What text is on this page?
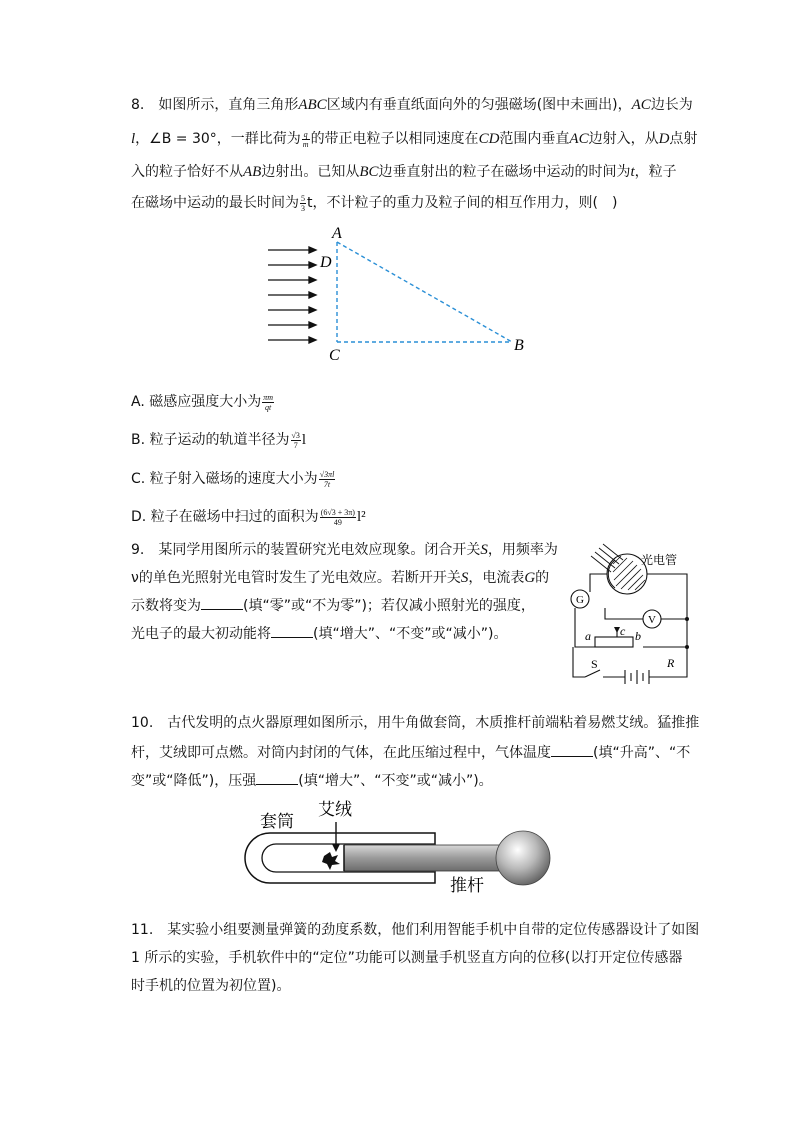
8.　如图所示，直角三角形ABC区域内有垂直纸面向外的匀强磁场(图中未画出)，AC边长为
l，∠B = 30°，一群比荷为 $\frac{q}{m}$ 的带正电粒子以相同速度在CD范围内垂直AC边射入，从D点射
入的粒子恰好不从AB边射出。已知从BC边垂直射出的粒子在磁场中运动的时间为t，粒子
在磁场中运动的最长时间为 $\frac{5}{3}$ t，不计粒子的重力及粒子间的相互作用力，则(　)
A
D
C
B
A. 磁感应强度大小为 $\frac{\pi m}{qt}$
B. 粒子运动的轨道半径为 $\frac{√3}{7}$ l
C. 粒子射入磁场的速度大小为 $\frac{√3\pi l}{7t}$
D. 粒子在磁场中扫过的面积为 $\frac{(6√3 + 3\pi)}{49} l^2$
9.　某同学用图所示的装置研究光电效应现象。闭合开关S，用频率为
ν的单色光照射光电管时发生了光电效应。若断开开关S，电流表G的
示数将变为	(填“零”或“不为零”)；若仅减小照射光的强度，
光电子的最大初动能将	(填“增大”、“不变”或“减小”)。
光电管
G
V
a c b
S	R
10.　古代发明的点火器原理如图所示，用牛角做套筒，木质推杆前端粘着易燃艾绒。猛推推
杆，艾绒即可点燃。对筒内封闭的气体，在此压缩过程中，气体温度	(填“升高”、“不
变”或“降低”)，压强	(填“增大”、“不变”或“减小”)。
套筒
艾绒
推杆
11.　某实验小组要测量弹簧的劲度系数，他们利用智能手机中自带的定位传感器设计了如图
1 所示的实验，手机软件中的“定位”功能可以测量手机竖直方向的位移(以打开定位传感器
时手机的位置为初位置)。
